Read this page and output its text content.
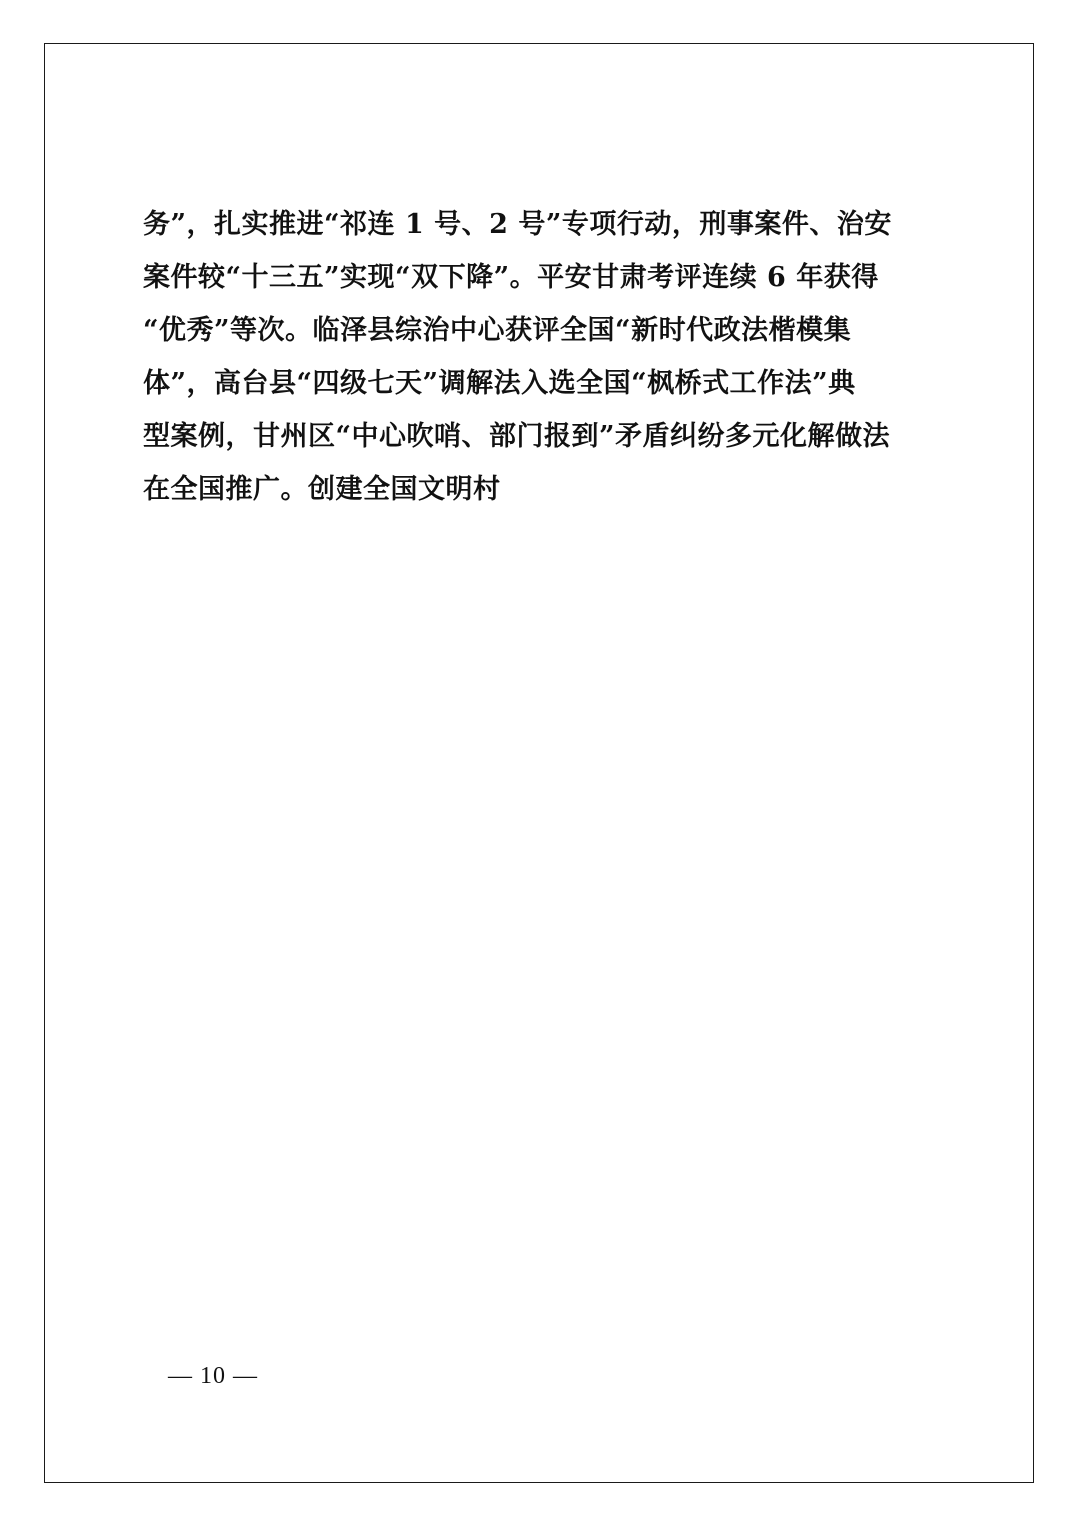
务”，扎实推进“祁连 1 号、2 号”专项行动，刑事案件、治安
案件较“十三五”实现“双下降”。平安甘肃考评连续 6 年获得
“优秀”等次。临泽县综治中心获评全国“新时代政法楷模集
体”，高台县“四级七天”调解法入选全国“枫桥式工作法”典
型案例，甘州区“中心吹哨、部门报到”矛盾纠纷多元化解做法
在全国推广。创建全国文明村
— 10 —
